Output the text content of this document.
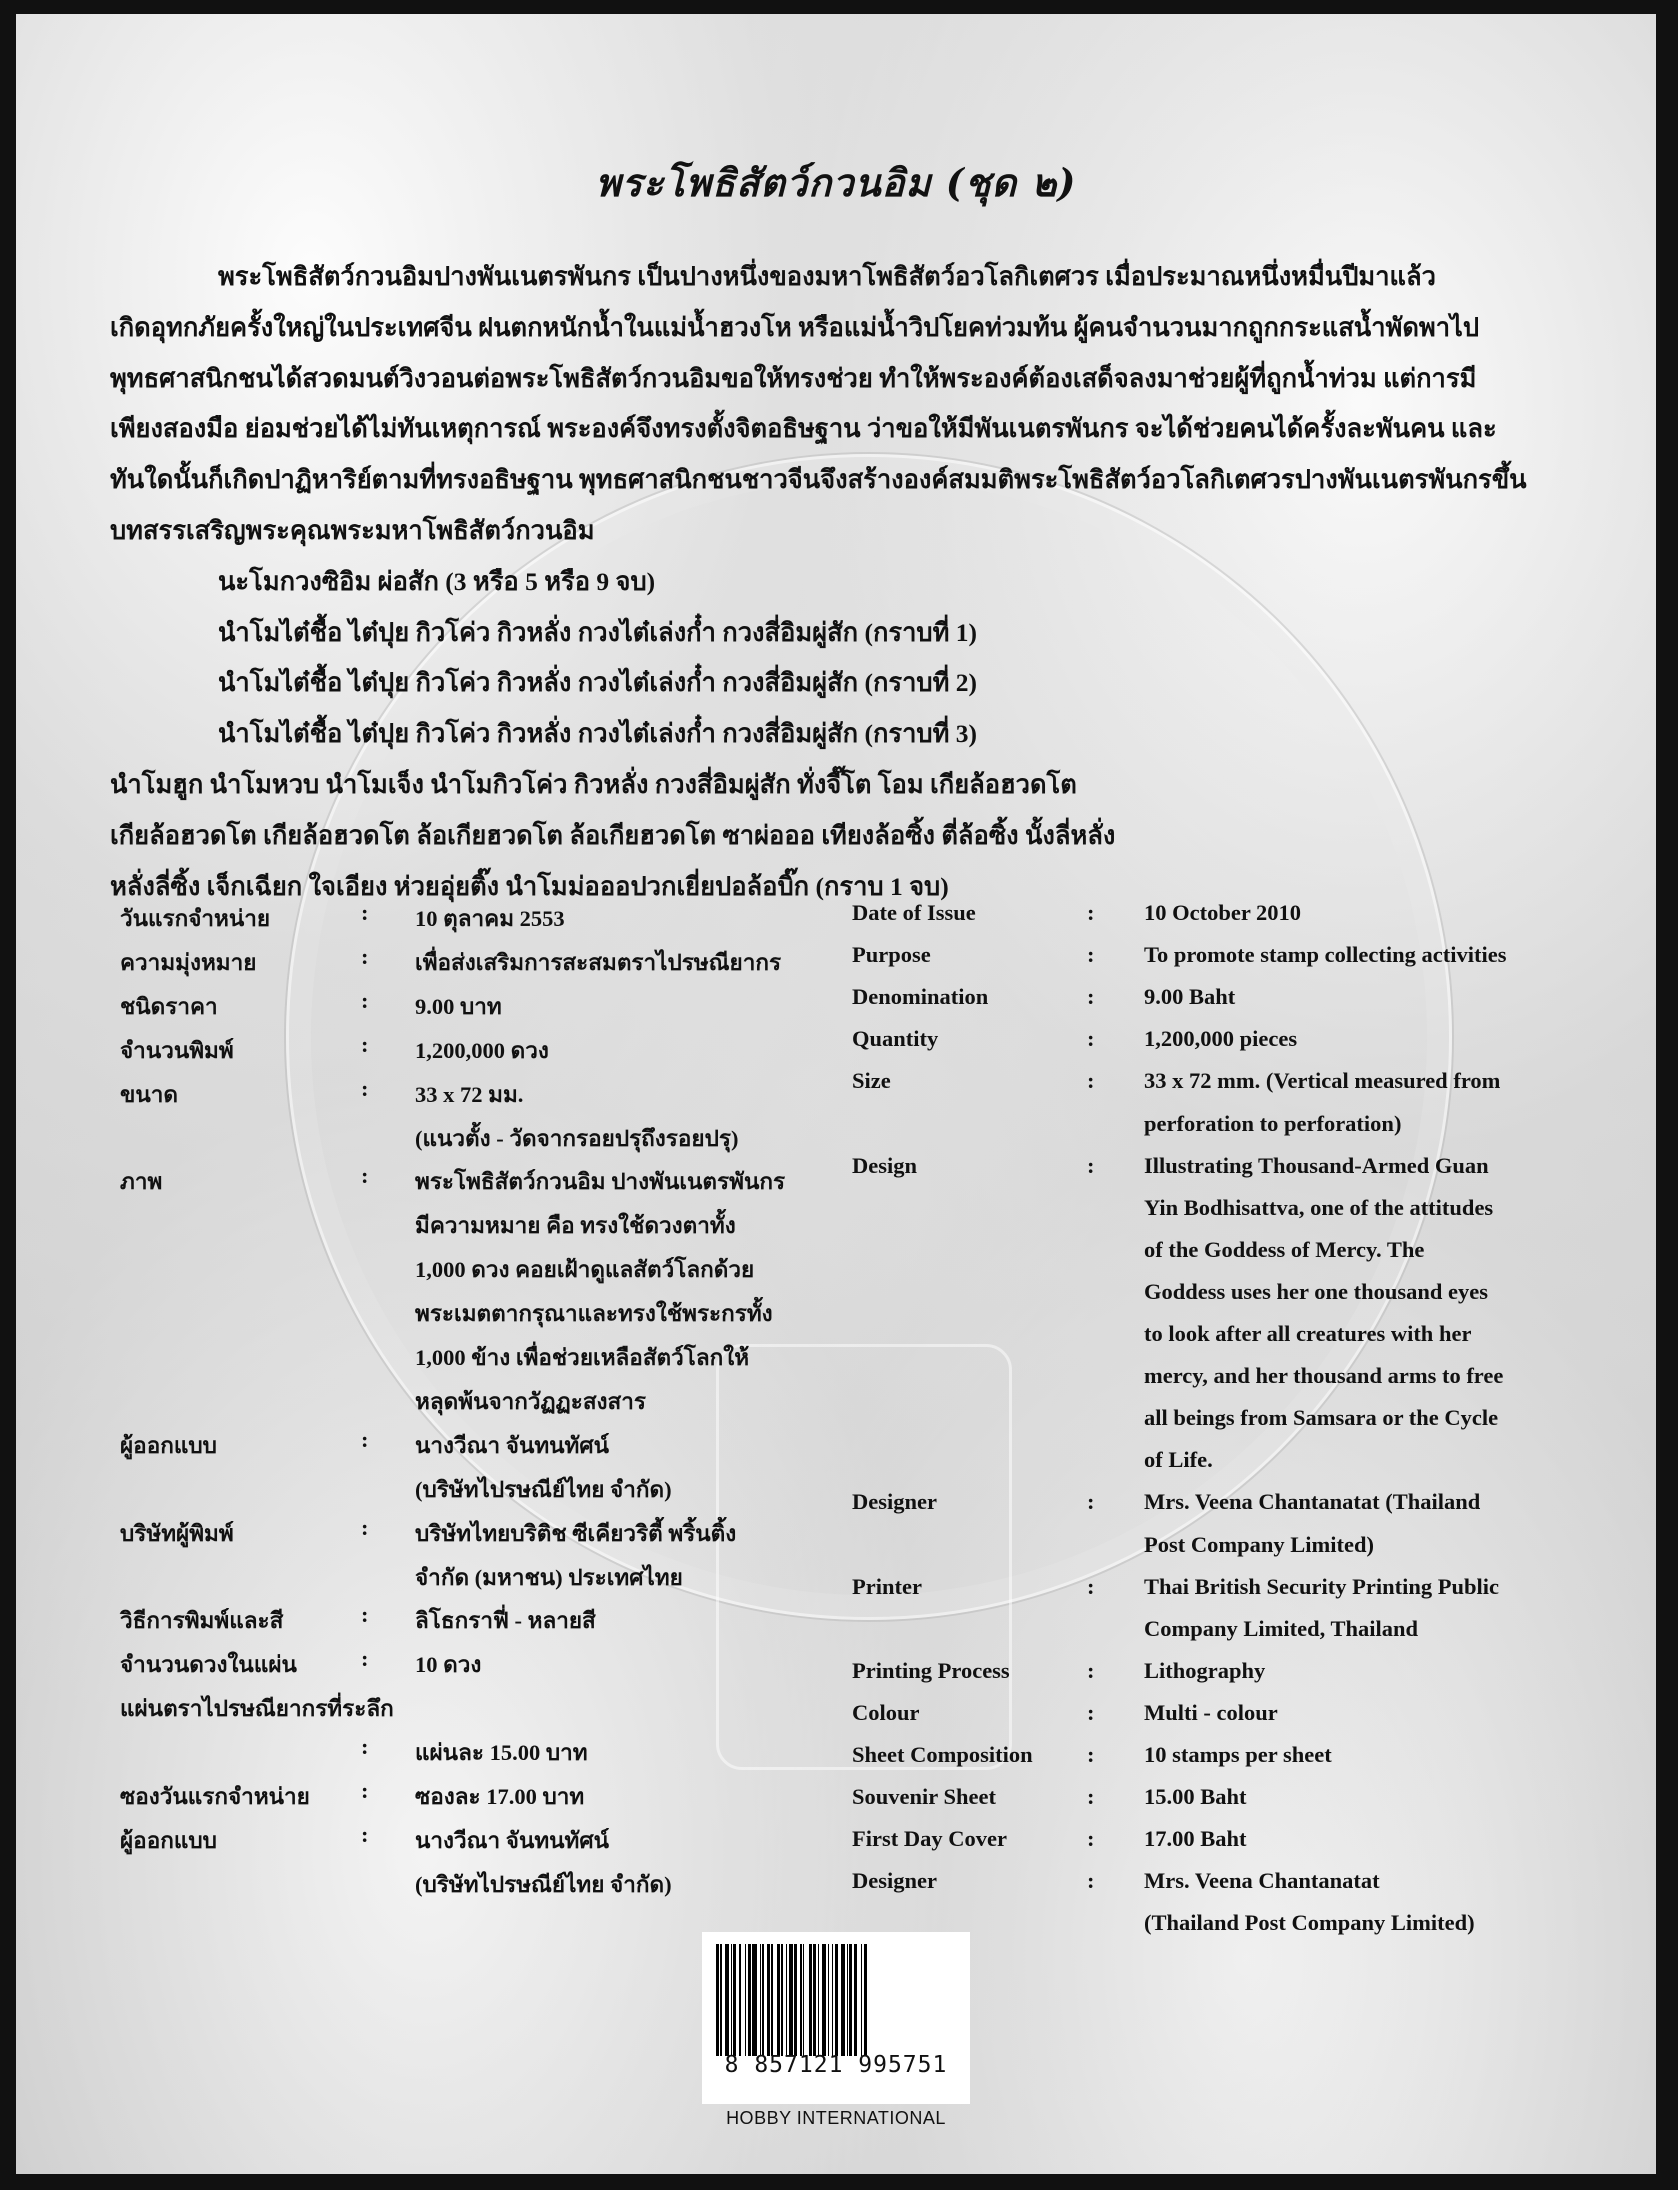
พระโพธิสัตว์กวนอิม (ชุด ๒)
พระโพธิสัตว์กวนอิมปางพันเนตรพันกร เป็นปางหนึ่งของมหาโพธิสัตว์อวโลกิเตศวร เมื่อประมาณหนึ่งหมื่นปีมาแล้ว
เกิดอุทกภัยครั้งใหญ่ในประเทศจีน ฝนตกหนักน้ำในแม่น้ำฮวงโห หรือแม่น้ำวิปโยคท่วมท้น ผู้คนจำนวนมากถูกกระแสน้ำพัดพาไป
พุทธศาสนิกชนได้สวดมนต์วิงวอนต่อพระโพธิสัตว์กวนอิมขอให้ทรงช่วย ทำให้พระองค์ต้องเสด็จลงมาช่วยผู้ที่ถูกน้ำท่วม แต่การมี
เพียงสองมือ ย่อมช่วยได้ไม่ทันเหตุการณ์ พระองค์จึงทรงตั้งจิตอธิษฐาน ว่าขอให้มีพันเนตรพันกร จะได้ช่วยคนได้ครั้งละพันคน และ
ทันใดนั้นก็เกิดปาฏิหาริย์ตามที่ทรงอธิษฐาน พุทธศาสนิกชนชาวจีนจึงสร้างองค์สมมติพระโพธิสัตว์อวโลกิเตศวรปางพันเนตรพันกรขึ้น
บทสรรเสริญพระคุณพระมหาโพธิสัตว์กวนอิม
นะโมกวงซิอิม ผ่อสัก (3 หรือ 5 หรือ 9 จบ)
นำโมไต๋ชื้อ ไต๋ปุย กิวโค่ว กิวหลั่ง กวงไต๋เล่งก๋ำ กวงสี่อิมผู่สัก (กราบที่ 1)
นำโมไต๋ชื้อ ไต๋ปุย กิวโค่ว กิวหลั่ง กวงไต๋เล่งก๋ำ กวงสี่อิมผู่สัก (กราบที่ 2)
นำโมไต๋ชื้อ ไต๋ปุย กิวโค่ว กิวหลั่ง กวงไต๋เล่งก๋ำ กวงสี่อิมผู่สัก (กราบที่ 3)
นำโมฮูก นำโมหวบ นำโมเจ็ง นำโมกิวโค่ว กิวหลั่ง กวงสี่อิมผู่สัก ทั่งจี๊โต โอม เกียล้อฮวดโต
เกียล้อฮวดโต เกียล้อฮวดโต ล้อเกียฮวดโต ล้อเกียฮวดโต ซาผ่อออ เทียงล้อซิ้ง ตี่ล้อซิ้ง นั้งลี่หลั่ง
หลั่งลี่ซิ้ง เจ็กเฉียก ใจเอียง ห่วยอุ่ยติ๊ง นำโมม่อออปวกเยี่ยปอล้อบิ๊ก (กราบ 1 จบ)
วันแรกจำหน่าย	: 10 ตุลาคม 2553
ความมุ่งหมาย	: เพื่อส่งเสริมการสะสมตราไปรษณียากร
ชนิดราคา	: 9.00 บาท
จำนวนพิมพ์	: 1,200,000 ดวง
ขนาด	: 33 x 72 มม.
(แนวตั้ง - วัดจากรอยปรุถึงรอยปรุ)
ภาพ	: พระโพธิสัตว์กวนอิม ปางพันเนตรพันกร
มีความหมาย คือ ทรงใช้ดวงตาทั้ง
1,000 ดวง คอยเฝ้าดูแลสัตว์โลกด้วย
พระเมตตากรุณาและทรงใช้พระกรทั้ง
1,000 ข้าง เพื่อช่วยเหลือสัตว์โลกให้
หลุดพ้นจากวัฏฏะสงสาร
ผู้ออกแบบ	: นางวีณา จันทนทัศน์
(บริษัทไปรษณีย์ไทย จำกัด)
บริษัทผู้พิมพ์	: บริษัทไทยบริติช ซีเคียวริตี้ พริ้นติ้ง
จำกัด (มหาชน) ประเทศไทย
วิธีการพิมพ์และสี	: ลิโธกราฟี่ - หลายสี
จำนวนดวงในแผ่น	: 10 ดวง
แผ่นตราไปรษณียากรที่ระลึก
: แผ่นละ 15.00 บาท
ซองวันแรกจำหน่าย : ซองละ 17.00 บาท
ผู้ออกแบบ	: นางวีณา จันทนทัศน์
(บริษัทไปรษณีย์ไทย จำกัด)
Date of Issue	: 10 October 2010
Purpose	: To promote stamp collecting activities
Denomination	: 9.00 Baht
Quantity	: 1,200,000 pieces
Size	: 33 x 72 mm. (Vertical measured from
perforation to perforation)
Design	: Illustrating Thousand-Armed Guan
Yin Bodhisattva, one of the attitudes
of the Goddess of Mercy. The
Goddess uses her one thousand eyes
to look after all creatures with her
mercy, and her thousand arms to free
all beings from Samsara or the Cycle
of Life.
Designer	: Mrs. Veena Chantanatat (Thailand
Post Company Limited)
Printer	: Thai British Security Printing Public
Company Limited, Thailand
Printing Process	: Lithography
Colour	: Multi - colour
Sheet Composition : 10 stamps per sheet
Souvenir Sheet	: 15.00 Baht
First Day Cover	: 17.00 Baht
Designer	: Mrs. Veena Chantanatat
(Thailand Post Company Limited)
8 857121 995751
HOBBY INTERNATIONAL
